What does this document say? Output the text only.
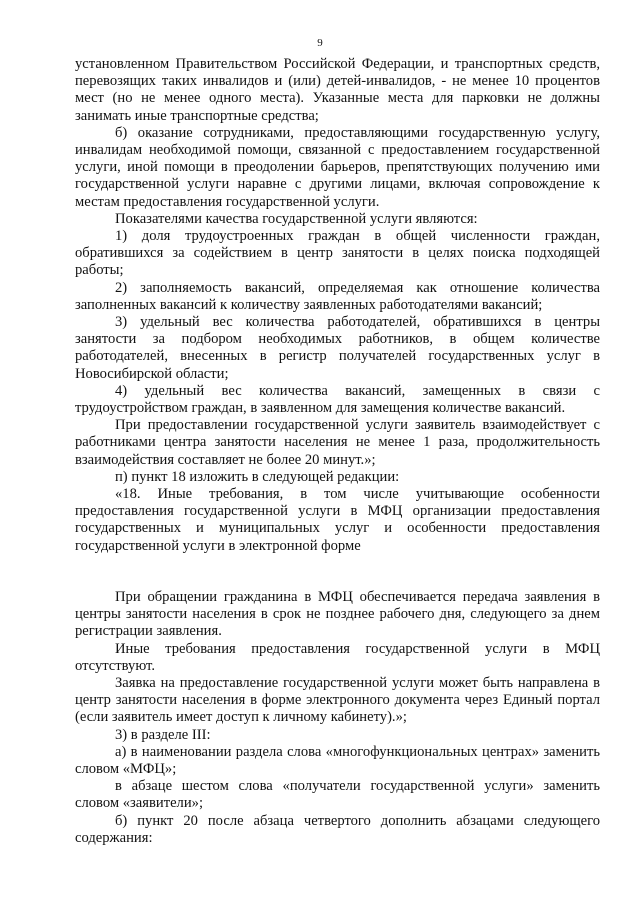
9

установленном Правительством Российской Федерации, и транспортных средств, перевозящих таких инвалидов и (или) детей-инвалидов, - не менее 10 процентов мест (но не менее одного места). Указанные места для парковки не должны занимать иные транспортные средства;

б) оказание сотрудниками, предоставляющими государственную услугу, инвалидам необходимой помощи, связанной с предоставлением государственной услуги, иной помощи в преодолении барьеров, препятствующих получению ими государственной услуги наравне с другими лицами, включая сопровождение к местам предоставления государственной услуги.

Показателями качества государственной услуги являются:

1) доля трудоустроенных граждан в общей численности граждан, обратившихся за содействием в центр занятости в целях поиска подходящей работы;

2) заполняемость вакансий, определяемая как отношение количества заполненных вакансий к количеству заявленных работодателями вакансий;

3) удельный вес количества работодателей, обратившихся в центры занятости за подбором необходимых работников, в общем количестве работодателей, внесенных в регистр получателей государственных услуг в Новосибирской области;

4) удельный вес количества вакансий, замещенных в связи с трудоустройством граждан, в заявленном для замещения количестве вакансий.

При предоставлении государственной услуги заявитель взаимодействует с работниками центра занятости населения не менее 1 раза, продолжительность взаимодействия составляет не более 20 минут.»;

п) пункт 18 изложить в следующей редакции:

«18. Иные требования, в том числе учитывающие особенности предоставления государственной услуги в МФЦ организации предоставления государственных и муниципальных услуг и особенности предоставления государственной услуги в электронной форме

При обращении гражданина в МФЦ обеспечивается передача заявления в центры занятости населения в срок не позднее рабочего дня, следующего за днем регистрации заявления.

Иные требования предоставления государственной услуги в МФЦ отсутствуют.

Заявка на предоставление государственной услуги может быть направлена в центр занятости населения в форме электронного документа через Единый портал (если заявитель имеет доступ к личному кабинету).»;

3) в разделе III:

а) в наименовании раздела слова «многофункциональных центрах» заменить словом «МФЦ»;

в абзаце шестом слова «получатели государственной услуги» заменить словом «заявители»;

б) пункт 20 после абзаца четвертого дополнить абзацами следующего содержания:
